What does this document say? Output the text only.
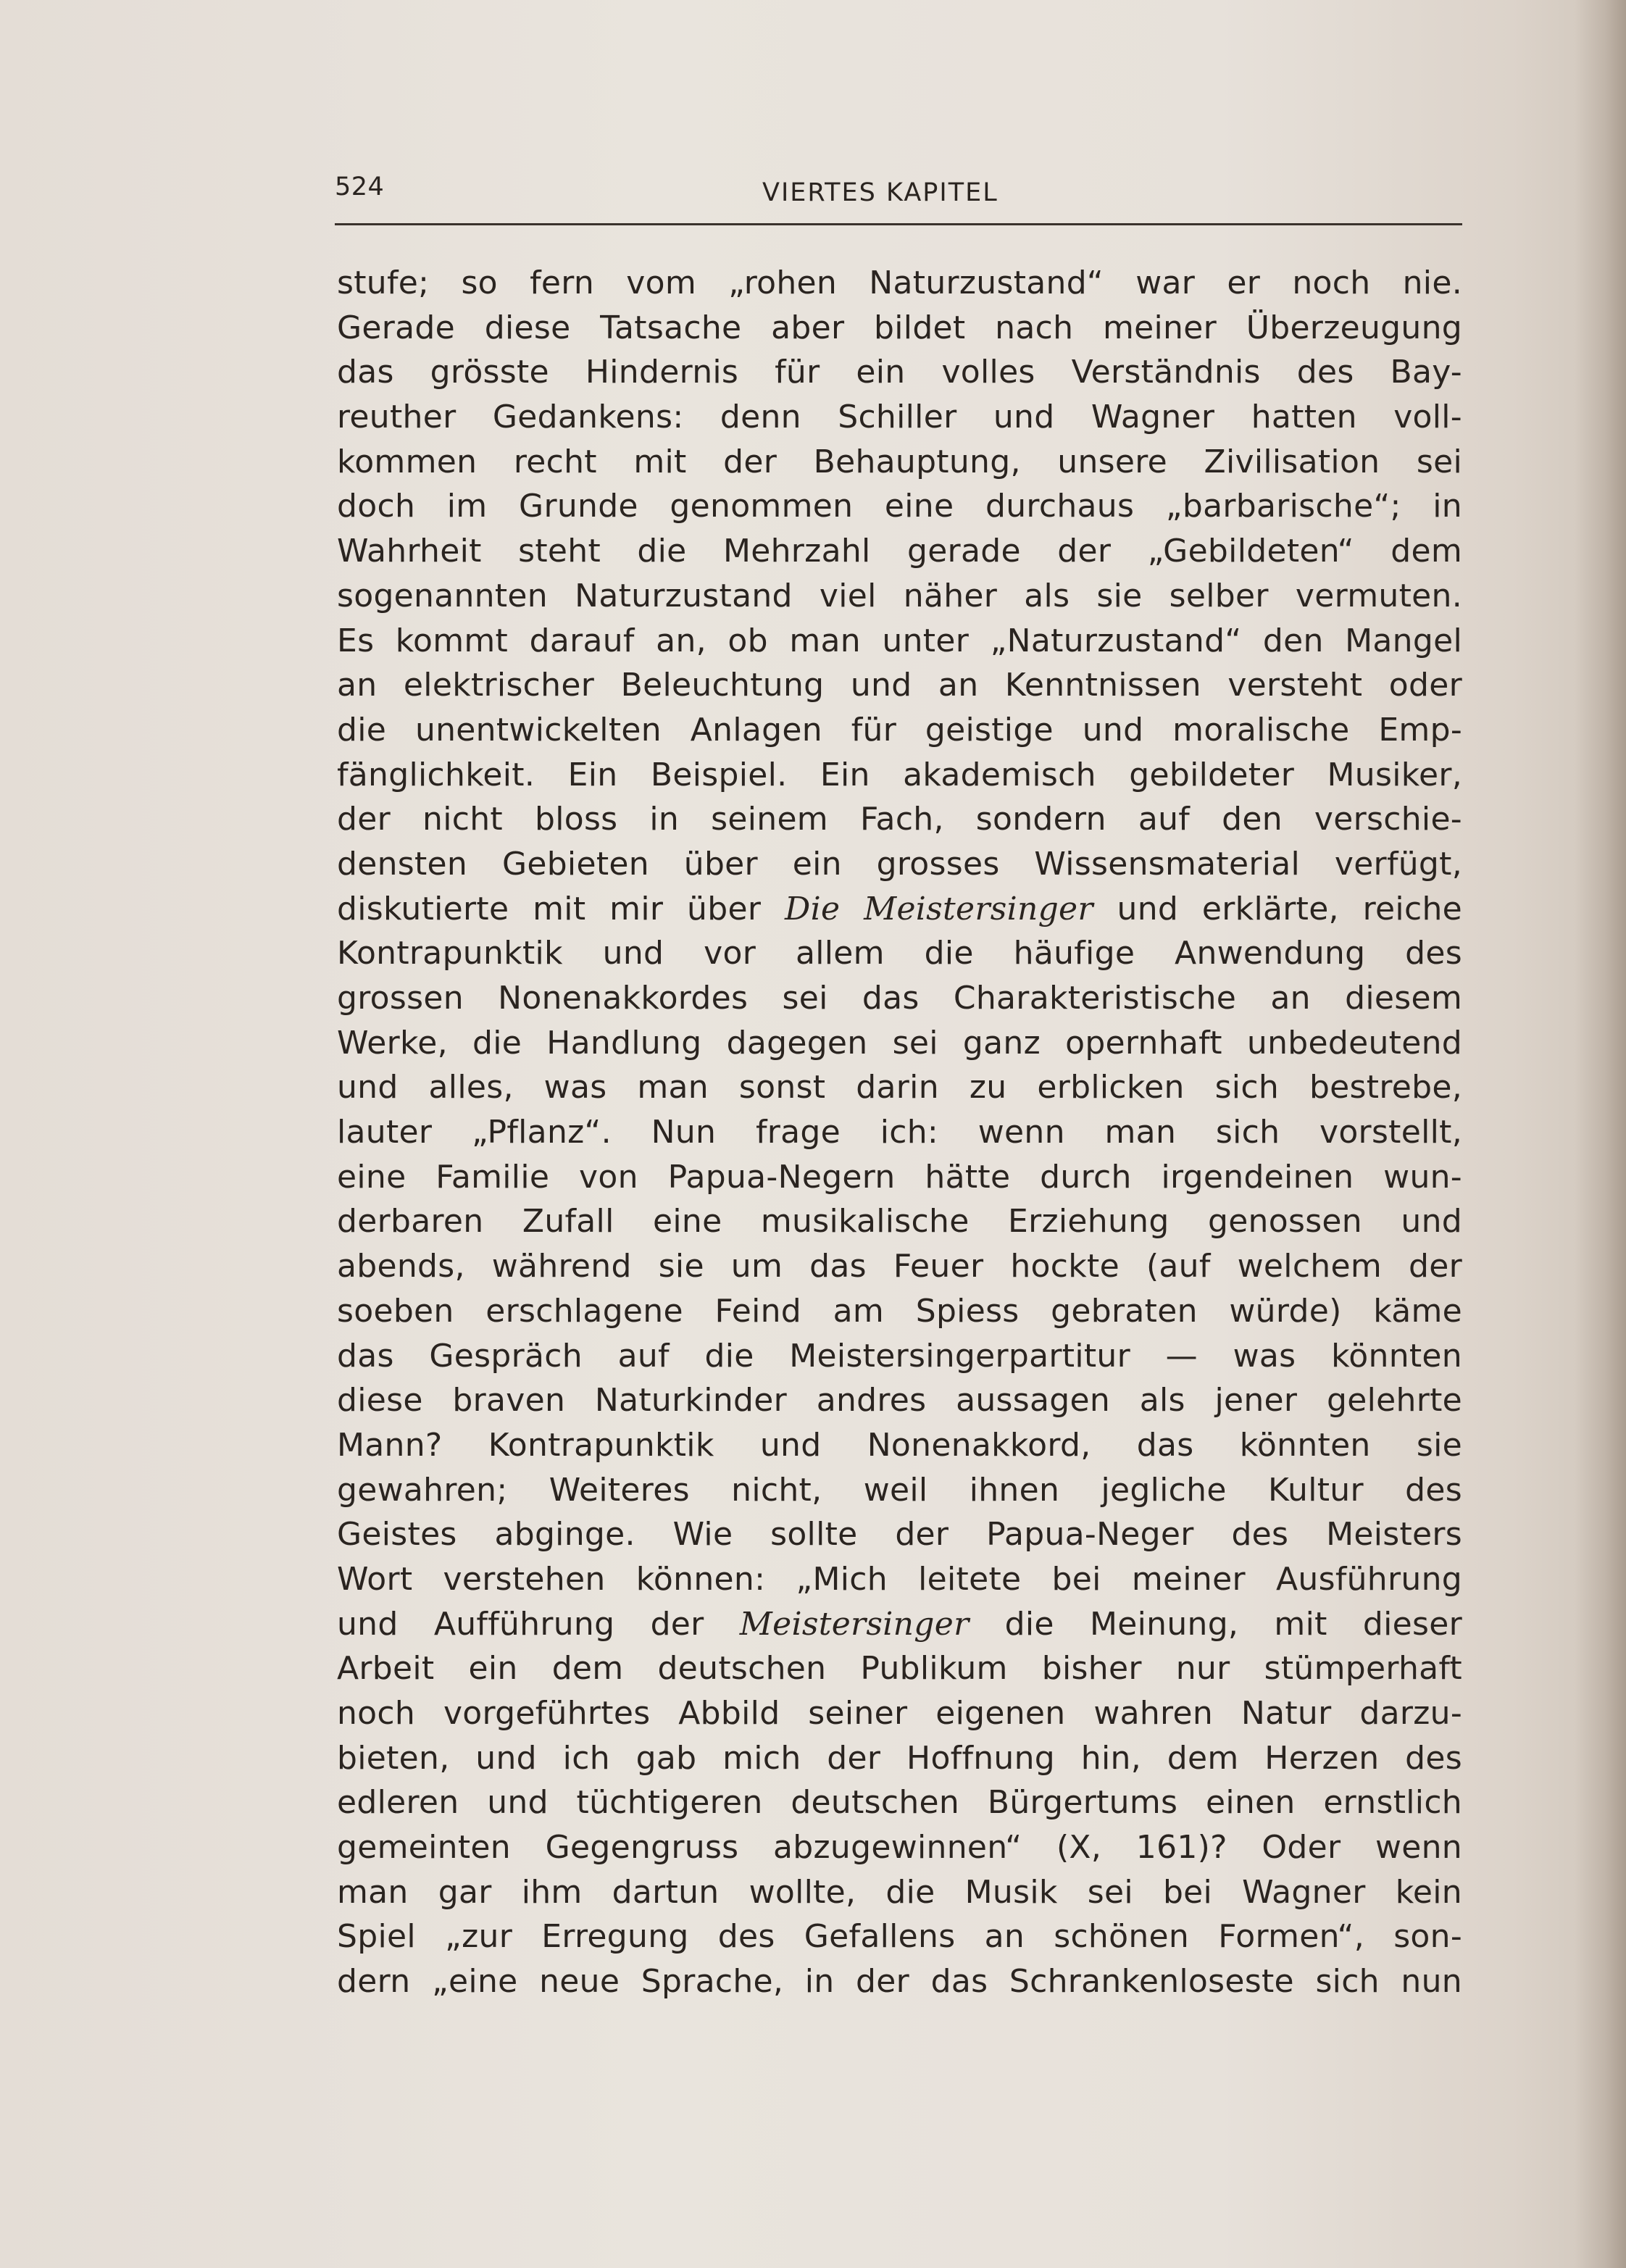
524	VIERTES KAPITEL
stufe; so fern vom „rohen Naturzustand“ war er noch nie.
Gerade diese Tatsache aber bildet nach meiner Überzeugung
das grösste Hindernis für ein volles Verständnis des Bay-
reuther Gedankens: denn Schiller und Wagner hatten voll-
kommen recht mit der Behauptung, unsere Zivilisation sei
doch im Grunde genommen eine durchaus „barbarische“; in
Wahrheit steht die Mehrzahl gerade der „Gebildeten“ dem
sogenannten Naturzustand viel näher als sie selber vermuten.
Es kommt darauf an, ob man unter „Naturzustand“ den Mangel
an elektrischer Beleuchtung und an Kenntnissen versteht oder
die unentwickelten Anlagen für geistige und moralische Emp-
fänglichkeit. Ein Beispiel. Ein akademisch gebildeter Musiker,
der nicht bloss in seinem Fach, sondern auf den verschie-
densten Gebieten über ein grosses Wissensmaterial verfügt,
diskutierte mit mir über Die Meistersinger und erklärte, reiche
Kontrapunktik und vor allem die häufige Anwendung des
grossen Nonenakkordes sei das Charakteristische an diesem
Werke, die Handlung dagegen sei ganz opernhaft unbedeutend
und alles, was man sonst darin zu erblicken sich bestrebe,
lauter „Pflanz“. Nun frage ich: wenn man sich vorstellt,
eine Familie von Papua-Negern hätte durch irgendeinen wun-
derbaren Zufall eine musikalische Erziehung genossen und
abends, während sie um das Feuer hockte (auf welchem der
soeben erschlagene Feind am Spiess gebraten würde) käme
das Gespräch auf die Meistersingerpartitur — was könnten
diese braven Naturkinder andres aussagen als jener gelehrte
Mann? Kontrapunktik und Nonenakkord, das könnten sie
gewahren; Weiteres nicht, weil ihnen jegliche Kultur des
Geistes abginge. Wie sollte der Papua-Neger des Meisters
Wort verstehen können: „Mich leitete bei meiner Ausführung
und Aufführung der Meistersinger die Meinung, mit dieser
Arbeit ein dem deutschen Publikum bisher nur stümperhaft
noch vorgeführtes Abbild seiner eigenen wahren Natur darzu-
bieten, und ich gab mich der Hoffnung hin, dem Herzen des
edleren und tüchtigeren deutschen Bürgertums einen ernstlich
gemeinten Gegengruss abzugewinnen“ (X, 161)? Oder wenn
man gar ihm dartun wollte, die Musik sei bei Wagner kein
Spiel „zur Erregung des Gefallens an schönen Formen“, son-
dern „eine neue Sprache, in der das Schrankenloseste sich nun
